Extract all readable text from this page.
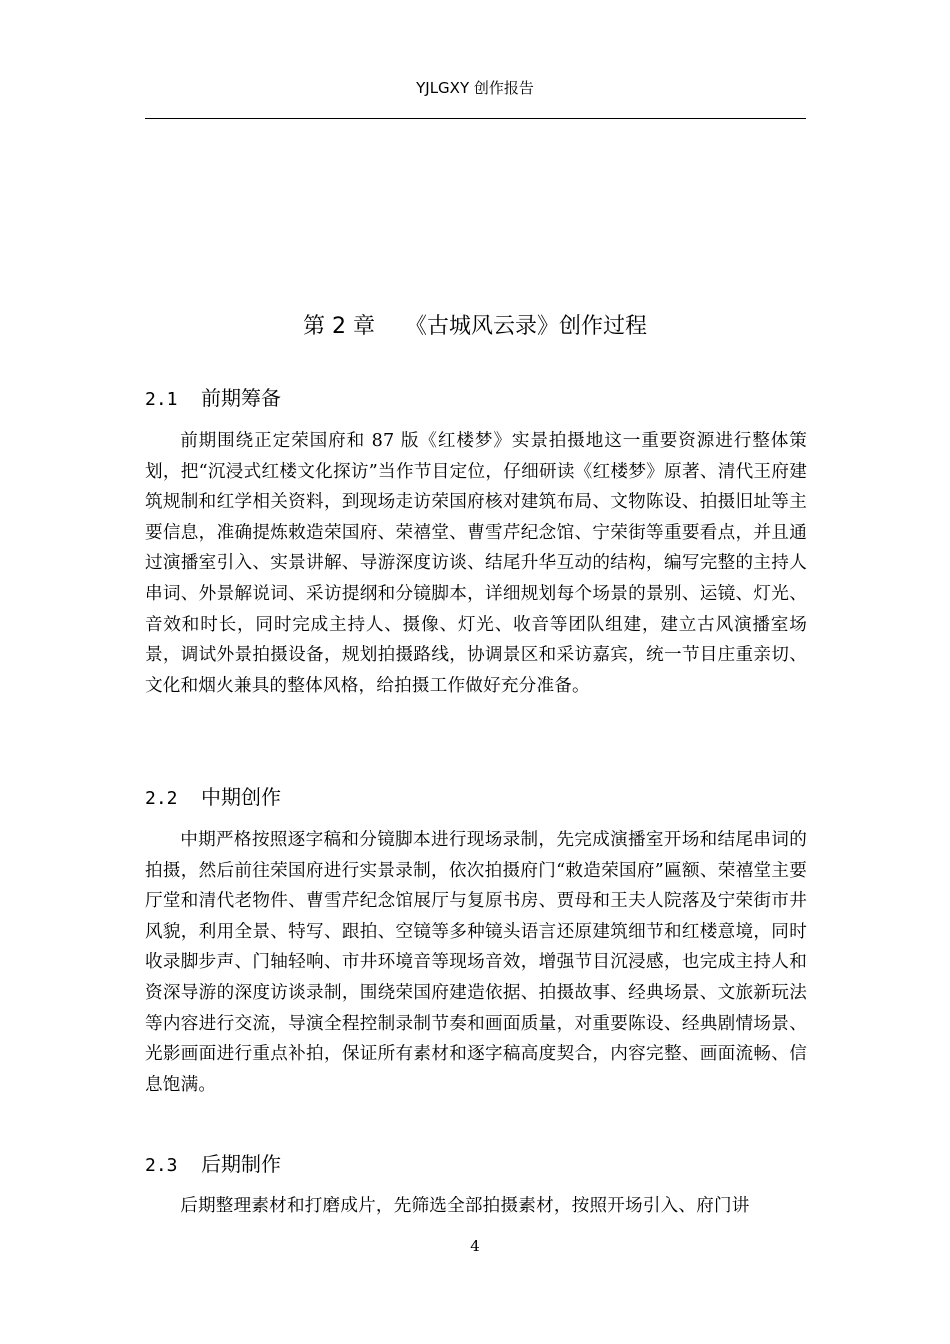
YJLGXY 创作报告
第 2 章 《古城风云录》创作过程
2.1 前期筹备

前期围绕正定荣国府和 87 版《红楼梦》实景拍摄地这一重要资源进行整体策划，把“沉浸式红楼文化探访”当作节目定位，仔细研读《红楼梦》原著、清代王府建筑规制和红学相关资料，到现场走访荣国府核对建筑布局、文物陈设、拍摄旧址等主要信息，准确提炼敕造荣国府、荣禧堂、曹雪芹纪念馆、宁荣街等重要看点，并且通过演播室引入、实景讲解、导游深度访谈、结尾升华互动的结构，编写完整的主持人串词、外景解说词、采访提纲和分镜脚本，详细规划每个场景的景别、运镜、灯光、音效和时长，同时完成主持人、摄像、灯光、收音等团队组建，建立古风演播室场景，调试外景拍摄设备，规划拍摄路线，协调景区和采访嘉宾，统一节目庄重亲切、文化和烟火兼具的整体风格，给拍摄工作做好充分准备。

2.2 中期创作

中期严格按照逐字稿和分镜脚本进行现场录制，先完成演播室开场和结尾串词的拍摄，然后前往荣国府进行实景录制，依次拍摄府门“敕造荣国府”匾额、荣禧堂主要厅堂和清代老物件、曹雪芹纪念馆展厅与复原书房、贾母和王夫人院落及宁荣街市井风貌，利用全景、特写、跟拍、空镜等多种镜头语言还原建筑细节和红楼意境，同时收录脚步声、门轴轻响、市井环境音等现场音效，增强节目沉浸感，也完成主持人和资深导游的深度访谈录制，围绕荣国府建造依据、拍摄故事、经典场景、文旅新玩法等内容进行交流，导演全程控制录制节奏和画面质量，对重要陈设、经典剧情场景、光影画面进行重点补拍，保证所有素材和逐字稿高度契合，内容完整、画面流畅、信息饱满。

2.3 后期制作

后期整理素材和打磨成片，先筛选全部拍摄素材，按照开场引入、府门讲

4
